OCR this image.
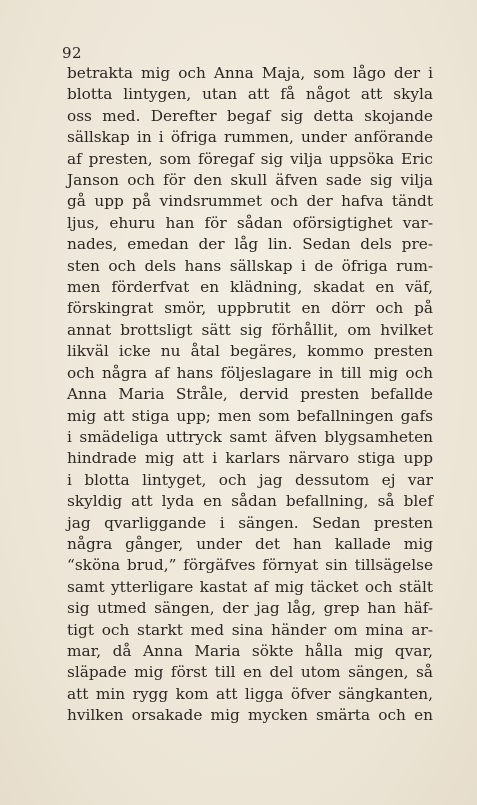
92
betrakta mig och Anna Maja, som lågo der i
blotta lintygen, utan att få något att skyla
oss med. Derefter begaf sig detta skojande
sällskap in i öfriga rummen, under anförande
af presten, som föregaf sig vilja uppsöka Eric
Janson och för den skull äfven sade sig vilja
gå upp på vindsrummet och der hafva tändt
ljus, ehuru han för sådan oförsigtighet var-
nades, emedan der låg lin. Sedan dels pre-
sten och dels hans sällskap i de öfriga rum-
men förderfvat en klädning, skadat en väf,
förskingrat smör, uppbrutit en dörr och på
annat brottsligt sätt sig förhållit, om hvilket
likväl icke nu åtal begäres, kommo presten
och några af hans följeslagare in till mig och
Anna Maria Stråle, dervid presten befallde
mig att stiga upp; men som befallningen gafs
i smädeliga uttryck samt äfven blygsamheten
hindrade mig att i karlars närvaro stiga upp
i blotta lintyget, och jag dessutom ej var
skyldig att lyda en sådan befallning, så blef
jag qvarliggande i sängen. Sedan presten
några gånger, under det han kallade mig
“sköna brud,” förgäfves förnyat sin tillsägelse
samt ytterligare kastat af mig täcket och stält
sig utmed sängen, der jag låg, grep han häf-
tigt och starkt med sina händer om mina ar-
mar, då Anna Maria sökte hålla mig qvar,
släpade mig först till en del utom sängen, så
att min rygg kom att ligga öfver sängkanten,
hvilken orsakade mig mycken smärta och en
